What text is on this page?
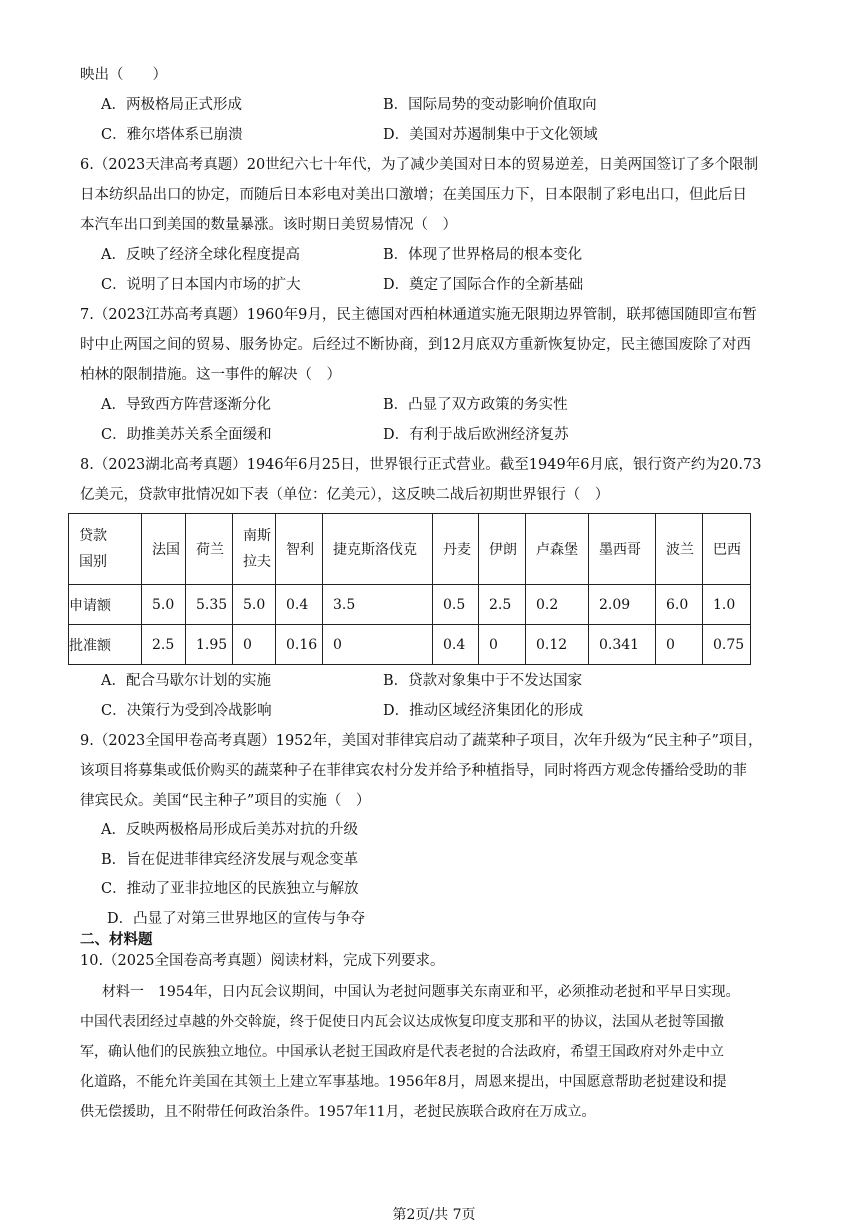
映出（　　）
A．两极格局正式形成	B．国际局势的变动影响价值取向
C．雅尔塔体系已崩溃	D．美国对苏遏制集中于文化领域
6.（2023天津高考真题）20世纪六七十年代，为了减少美国对日本的贸易逆差，日美两国签订了多个限制
日本纺织品出口的协定，而随后日本彩电对美出口激增；在美国压力下，日本限制了彩电出口，但此后日
本汽车出口到美国的数量暴涨。该时期日美贸易情况（　）
A．反映了经济全球化程度提高	B．体现了世界格局的根本变化
C．说明了日本国内市场的扩大	D．奠定了国际合作的全新基础
7.（2023江苏高考真题）1960年9月，民主德国对西柏林通道实施无限期边界管制，联邦德国随即宣布暂
时中止两国之间的贸易、服务协定。后经过不断协商，到12月底双方重新恢复协定，民主德国废除了对西
柏林的限制措施。这一事件的解决（　）
A．导致西方阵营逐渐分化	B．凸显了双方政策的务实性
C．助推美苏关系全面缓和	D．有利于战后欧洲经济复苏
8.（2023湖北高考真题）1946年6月25日，世界银行正式营业。截至1949年6月底，银行资产约为20.73
亿美元，贷款审批情况如下表（单位：亿美元），这反映二战后初期世界银行（　）
贷款
国别	法国	荷兰	南斯拉夫	智利	捷克斯洛伐克	丹麦	伊朗	卢森堡	墨西哥	波兰	巴西
申请额	5.0	5.35	5.0	0.4	3.5	0.5	2.5	0.2	2.09	6.0	1.0
批准额	2.5	1.95	0	0.16	0	0.4	0	0.12	0.341	0	0.75
A．配合马歇尔计划的实施	B．贷款对象集中于不发达国家
C．决策行为受到冷战影响	D．推动区域经济集团化的形成
9.（2023全国甲卷高考真题）1952年，美国对菲律宾启动了蔬菜种子项目，次年升级为“民主种子”项目，
该项目将募集或低价购买的蔬菜种子在菲律宾农村分发并给予种植指导，同时将西方观念传播给受助的菲
律宾民众。美国“民主种子”项目的实施（　）
A．反映两极格局形成后美苏对抗的升级
B．旨在促进菲律宾经济发展与观念变革
C．推动了亚非拉地区的民族独立与解放
D．凸显了对第三世界地区的宣传与争夺
二、材料题
10.（2025全国卷高考真题）阅读材料，完成下列要求。
材料一　1954年，日内瓦会议期间，中国认为老挝问题事关东南亚和平，必须推动老挝和平早日实现。
中国代表团经过卓越的外交斡旋，终于促使日内瓦会议达成恢复印度支那和平的协议，法国从老挝等国撤
军，确认他们的民族独立地位。中国承认老挝王国政府是代表老挝的合法政府，希望王国政府对外走中立
化道路，不能允许美国在其领土上建立军事基地。1956年8月，周恩来提出，中国愿意帮助老挝建设和提
供无偿援助，且不附带任何政治条件。1957年11月，老挝民族联合政府在万成立。
第2页/共 7页
